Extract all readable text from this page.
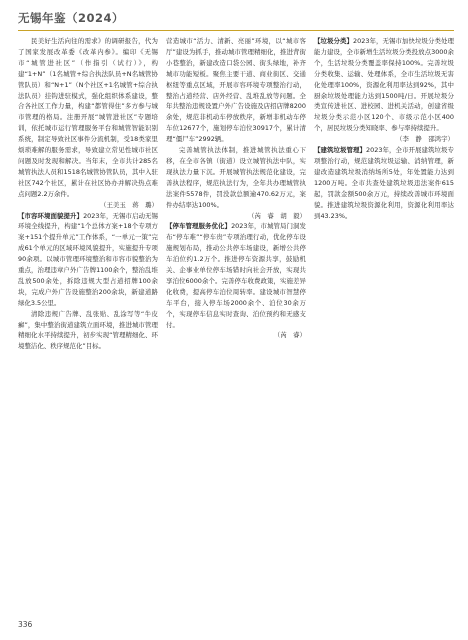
无锡年鉴（2024）

民美好生活向往的需求》的调研报告，代为了国家发展改革委《改革内参》。编印《无锡市“城管进社区”（作指引（试行）》，构建“1+N”（1名城管+综合执法队员+N名城管协管队员）和“N+1”（N个社区+1名城管+综合执法队员）挂钩进驻模式，强化组织体系建设，整合各社区工作力量，构建“都管得住”多方参与城市管理的格局。注册开展“城管进社区”专题培训，依托城市运行管理服务平台和城管智能识别系统，制定导致社区事件分流机制，受18类家里烦琐难解的服务需求，导致建立常见性城市社区问题及时发现和解决。当年末，全市共计285名城管执法人员和1518名城管协管队员，其中入驻社区742个社区，累计在社区协办并解决热点难点问题2.2万余件。

（王美玉　蒋　璐）

【市容环境面貌提升】2023年，无锡市启动无锡环境全线提升，构建“1个总体方案+18个专项方案+151个提升单元”工作体系，“一单元一策”完成61个单元的区域环境风貌提升，实施提升专项90余项。以城市管理环境整治和市容市貌整治为重点，治理违章户外广告牌1100余个，整治乱堆乱放500余处，拆除违规大型占道招牌100余块，完成户外广告设施整治200余块，新建道路绿化3.5公里。

清除违规广告牌、乱张贴、乱涂写等“牛皮癣”，集中整治街道建筑立面环境，推进城市管理精细化水平持续提升，初步实现“管理精细化、环境整洁化、秩序规范化”目标。

营造城市“活力、清新、亮丽”环境，以“城市客厅”建设为抓手，推动城市管理精细化，推进背街小巷整治，新建改造口袋公园、街头绿地，补齐城市功能短板。聚焦主要干道、商业街区、交通枢纽等重点区域，开展市容环境专项整治行动，整治占道经营、店外经营、乱堆乱放等问题。全年共整治违规设置户外广告设施及店招店牌8200余处，规范非机动车停放秩序，新增非机动车停车位12677个，施划停车泊位30917个，累计清理“僵尸车”2992辆。

完善城管执法体制，推进城管执法重心下移，在全市各镇（街道）设立城管执法中队，实现执法力量下沉。开展城管执法规范化建设，完善执法程序，规范执法行为，全年共办理城管执法案件5578件，罚没款总额逾470.62万元，案件办结率达100%。

（芮　睿　胡　毅）

【停车管理服务优化】2023年，市城管局门洞发布“停车难”“停车贵”专项治理行动，优化停车设施规划布局，推动公共停车场建设，新增公共停车泊位约1.2万个。推进停车资源共享，鼓励机关、企事业单位停车场错时向社会开放，实现共享泊位6000余个。完善停车收费政策，实施差异化收费，提高停车泊位周转率。建设城市智慧停车平台，接入停车场2000余个、泊位30余万个，实现停车信息实时查询、泊位预约和无感支付。

（芮　睿）

【垃圾分类】2023年，无锡市加快垃圾分类处理能力建设，全市新增生活垃圾分类投放点3000余个，生活垃圾分类覆盖率保持100%。完善垃圾分类收集、运输、处理体系，全市生活垃圾无害化处理率100%，资源化利用率达到92%，其中厨余垃圾处理能力达到1500吨/日。开展垃圾分类宣传进社区、进校园、进机关活动，创建省级垃圾分类示范小区120个、市级示范小区400个，居民垃圾分类知晓率、参与率持续提升。

（李　静　邵鸿宇）

【建筑垃圾管理】2023年，全市开展建筑垃圾专项整治行动，规范建筑垃圾运输、消纳管理，新建改造建筑垃圾消纳场所5处，年处置能力达到1200万吨。全市共查处建筑垃圾违法案件615起，罚款金额500余万元，持续改善城市环境面貌。推进建筑垃圾资源化利用，资源化利用率达到43.23%。

336
